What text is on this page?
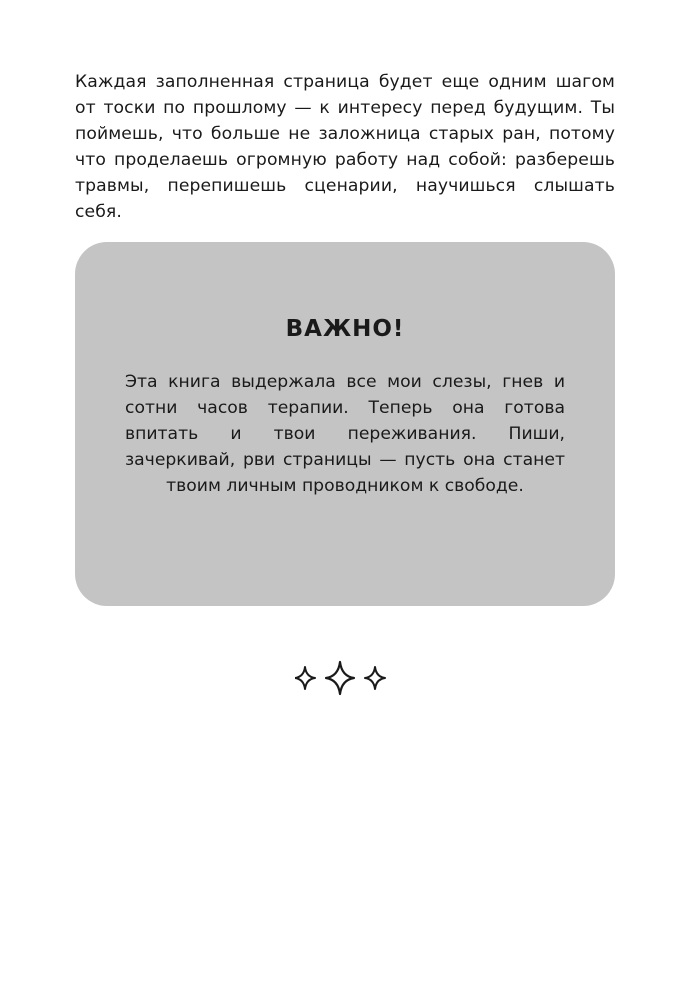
Каждая заполненная страница будет еще одним шагом от тоски по прошлому — к интересу перед будущим. Ты поймешь, что больше не заложница старых ран, потому что проделаешь огромную работу над собой: разберешь травмы, перепишешь сценарии, научишься слышать себя.

ВАЖНО!

Эта книга выдержала все мои слезы, гнев и сотни часов терапии. Теперь она готова впитать и твои переживания. Пиши, зачеркивай, рви страницы — пусть она станет твоим личным проводником к свободе.
